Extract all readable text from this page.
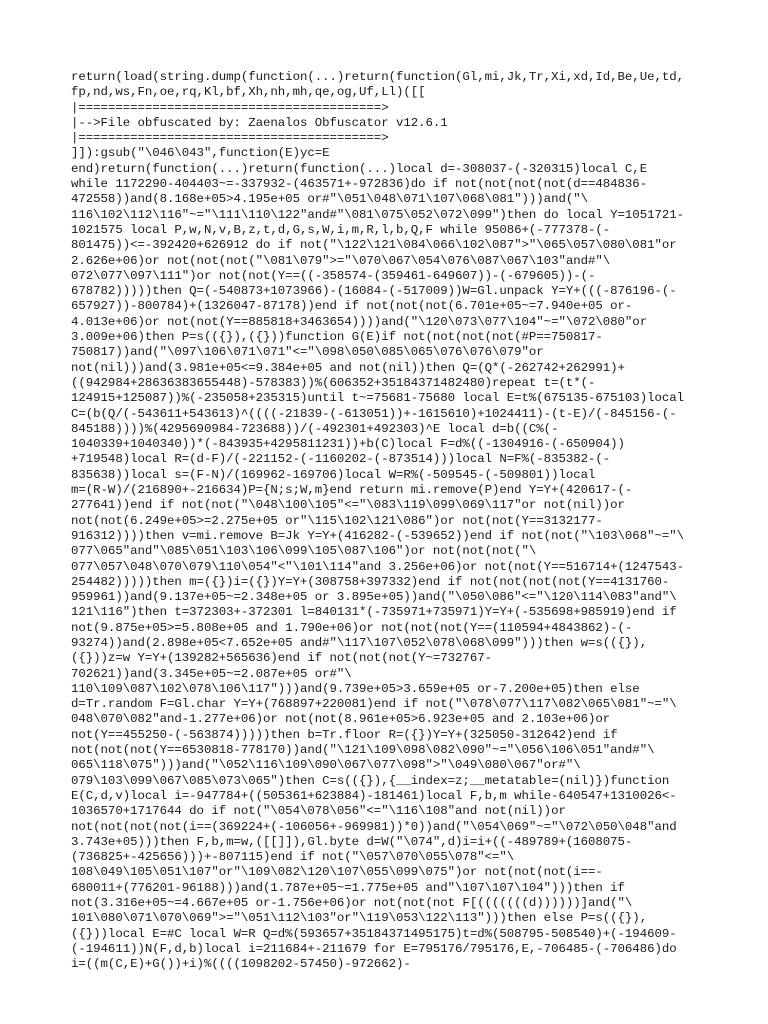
return(load(string.dump(function(...)return(function(Gl,mi,Jk,Tr,Xi,xd,Id,Be,Ue,td,
fp,nd,ws,Fn,oe,rq,Kl,bf,Xh,nh,mh,qe,og,Uf,Ll)([[
|=========================================>
|-->File obfuscated by: Zaenalos Obfuscator v12.6.1
|=========================================>
]]):gsub("\046\043",function(E)yc=E
end)return(function(...)return(function(...)local d=-308037-(-320315)local C,E
while 1172290-404403~=-337932-(463571+-972836)do if not(not(not(not(d==484836-
472558))and(8.168e+05>4.195e+05 or#"\051\048\071\107\068\081")))and("\
116\102\112\116"~="\111\110\122"and#"\081\075\052\072\099")then do local Y=1051721-
1021575 local P,w,N,v,B,z,t,d,G,s,W,i,m,R,l,b,Q,F while 95086+(-777378-(-
801475))<=-392420+626912 do if not("\122\121\084\066\102\087">"\065\057\080\081"or
2.626e+06)or not(not(not("\081\079">="\070\067\054\076\087\067\103"and#"\
072\077\097\111")or not(not(Y==((-358574-(359461-649607))-(-679605))-(-
678782)))))then Q=(-540873+1073966)-(16084-(-517009))W=Gl.unpack Y=Y+(((-876196-(-
657927))-800784)+(1326047-87178))end if not(not(not(6.701e+05~=7.940e+05 or-
4.013e+06)or not(not(Y==885818+3463654))))and("\120\073\077\104"~="\072\080"or
3.009e+06)then P=s(({}),({}))function G(E)if not(not(not(not(#P==750817-
750817))and("\097\106\071\071"<="\098\050\085\065\076\076\079"or
not(nil)))and(3.981e+05<=9.384e+05 and not(nil))then Q=(Q*(-262742+262991)+
((942984+28636383655448)-578383))%(606352+35184371482480)repeat t=(t*(-
124915+125087))%(-235058+235315)until t~=75681-75680 local E=t%(675135-675103)local
C=(b(Q/(-543611+543613)^((((-21839-(-613051))+-1615610)+1024411)-(t-E)/(-845156-(-
845188))))%(4295690984-723688))/(-492301+492303)^E local d=b((C%(-
1040339+1040340))*(-843935+4295811231))+b(C)local F=d%((-1304916-(-650904))
+719548)local R=(d-F)/(-221152-(-1160202-(-873514)))local N=F%(-835382-(-
835638))local s=(F-N)/(169962-169706)local W=R%(-509545-(-509801))local
m=(R-W)/(216890+-216634)P={N;s;W,m}end return mi.remove(P)end Y=Y+(420617-(-
277641))end if not(not("\048\100\105"<="\083\119\099\069\117"or not(nil))or
not(not(6.249e+05>=2.275e+05 or"\115\102\121\086")or not(not(Y==3132177-
916312))))then v=mi.remove B=Jk Y=Y+(416282-(-539652))end if not(not("\103\068"~="\
077\065"and"\085\051\103\106\099\105\087\106")or not(not(not("\
077\057\048\070\079\110\054"<"\101\114"and 3.256e+06)or not(not(Y==516714+(1247543-
254482)))))then m=({})i=({})Y=Y+(308758+397332)end if not(not(not(not(Y==4131760-
959961))and(9.137e+05~=2.348e+05 or 3.895e+05))and("\050\086"<="\120\114\083"and"\
121\116")then t=372303+-372301 l=840131*(-735971+735971)Y=Y+(-535698+985919)end if
not(9.875e+05>=5.808e+05 and 1.790e+06)or not(not(not(Y==(110594+4843862)-(-
93274))and(2.898e+05<7.652e+05 and#"\117\107\052\078\068\099")))then w=s(({}),
({}))z=w Y=Y+(139282+565636)end if not(not(not(Y~=732767-
702621))and(3.345e+05~=2.087e+05 or#"\
110\109\087\102\078\106\117")))and(9.739e+05>3.659e+05 or-7.200e+05)then else
d=Tr.random F=Gl.char Y=Y+(768897+220081)end if not("\078\077\117\082\065\081"~="\
048\070\082"and-1.277e+06)or not(not(8.961e+05>6.923e+05 and 2.103e+06)or
not(Y==455250-(-563874)))))then b=Tr.floor R=({})Y=Y+(325050-312642)end if
not(not(not(Y==6530818-778170))and("\121\109\098\082\090"~="\056\106\051"and#"\
065\118\075")))and("\052\116\109\090\067\077\098">"\049\080\067"or#"\
079\103\099\067\085\073\065")then C=s(({}),{__index=z;__metatable=(nil)})function
E(C,d,v)local i=-947784+((505361+623884)-181461)local F,b,m while-640547+1310026<-
1036570+1717644 do if not("\054\078\056"<="\116\108"and not(nil))or
not(not(not(not(i==(369224+(-106056+-969981))*0))and("\054\069"~="\072\050\048"and
3.743e+05)))then F,b,m=w,([[]]),Gl.byte d=W("\074",d)i=i+((-489789+(1608075-
(736825+-425656)))+-807115)end if not("\057\070\055\078"<="\
108\049\105\051\107"or"\109\082\120\107\055\099\075")or not(not(not(i==-
680011+(776201-96188)))and(1.787e+05~=1.775e+05 and"\107\107\104")))then if
not(3.316e+05~=4.667e+05 or-1.756e+06)or not(not(not F[(((((((d))))))]and("\
101\080\071\070\069">="\051\112\103"or"\119\053\122\113")))then else P=s(({}),
({}))local E=#C local W=R Q=d%(593657+35184371495175)t=d%(508795-508540)+(-194609-
(-194611))N(F,d,b)local i=211684+-211679 for E=795176/795176,E,-706485-(-706486)do
i=((m(C,E)+G())+i)%((((1098202-57450)-972662)-
